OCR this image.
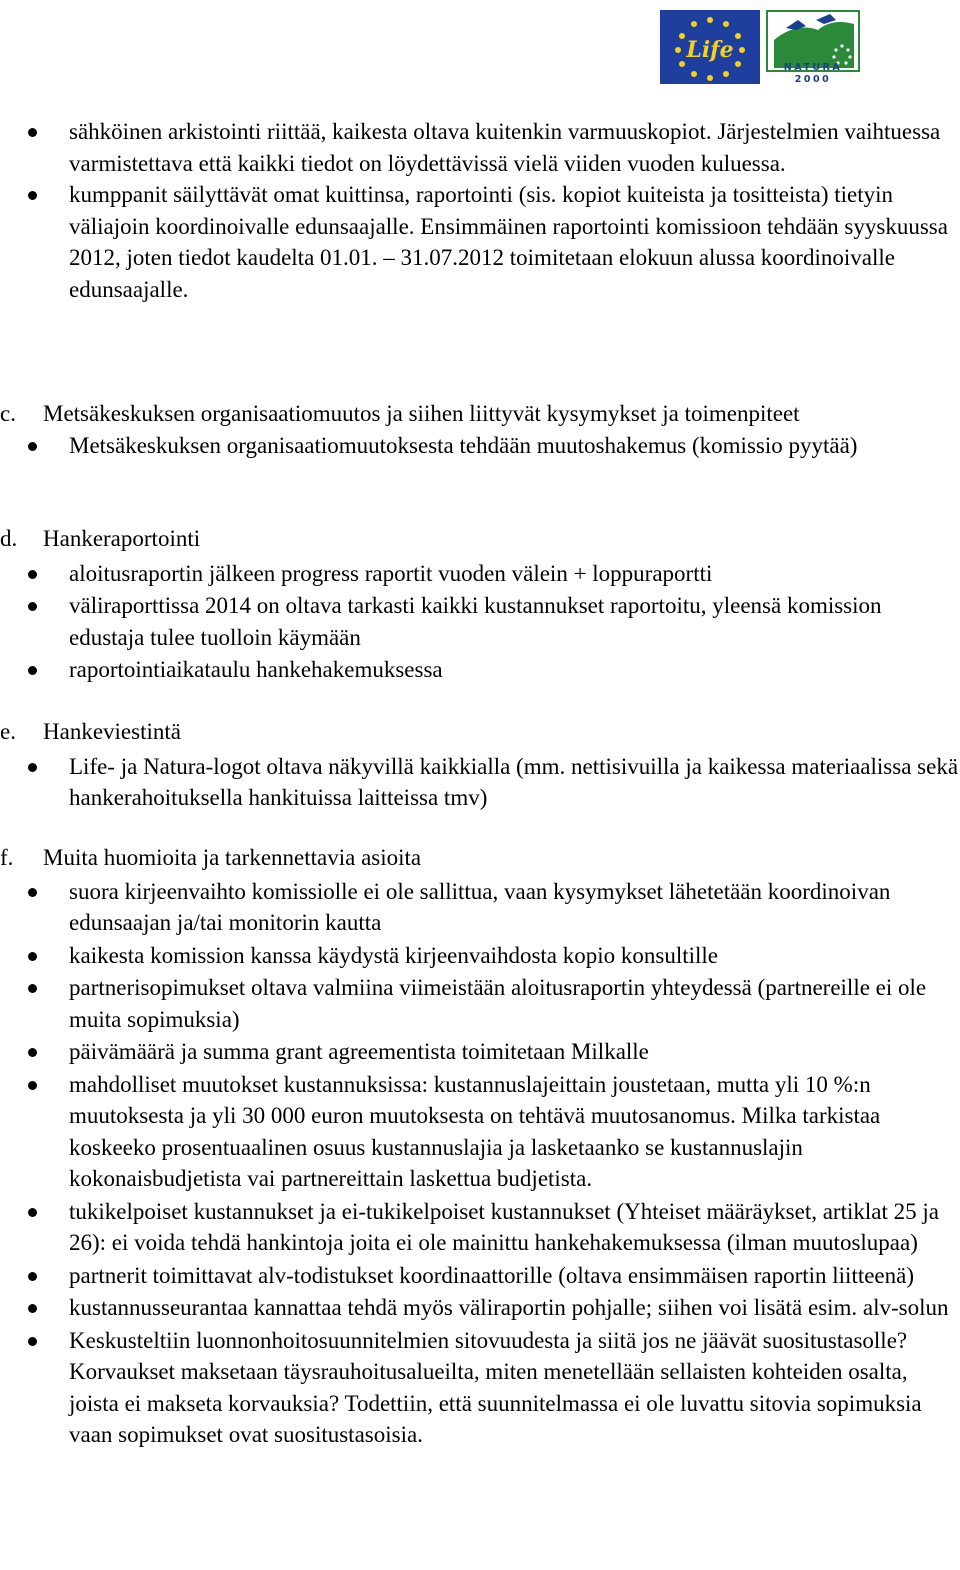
Life
NATURA 2000
sähköinen arkistointi riittää, kaikesta oltava kuitenkin varmuuskopiot. Järjestelmien vaihtuessa varmistettava että kaikki tiedot on löydettävissä vielä viiden vuoden kuluessa.
kumppanit säilyttävät omat kuittinsa, raportointi (sis. kopiot kuiteista ja tositteista) tietyin väliajoin koordinoivalle edunsaajalle. Ensimmäinen raportointi komissioon tehdään syyskuussa 2012, joten tiedot kaudelta 01.01. – 31.07.2012 toimitetaan elokuun alussa koordinoivalle edunsaajalle.
c.	Metsäkeskuksen organisaatiomuutos ja siihen liittyvät kysymykset ja toimenpiteet
Metsäkeskuksen organisaatiomuutoksesta tehdään muutoshakemus (komissio pyytää)
d.	Hankeraportointi
aloitusraportin jälkeen progress raportit vuoden välein + loppuraportti
väliraporttissa 2014 on oltava tarkasti kaikki kustannukset raportoitu, yleensä komission edustaja tulee tuolloin käymään
raportointiaikataulu hankehakemuksessa
e.	Hankeviestintä
Life- ja Natura-logot oltava näkyvillä kaikkialla (mm. nettisivuilla ja kaikessa materiaalissa sekä hankerahoituksella hankituissa laitteissa tmv)
f.	Muita huomioita ja tarkennettavia asioita
suora kirjeenvaihto komissiolle ei ole sallittua, vaan kysymykset lähetetään koordinoivan edunsaajan ja/tai monitorin kautta
kaikesta komission kanssa käydystä kirjeenvaihdosta kopio konsultille
partnerisopimukset oltava valmiina viimeistään aloitusraportin yhteydessä (partnereille ei ole muita sopimuksia)
päivämäärä ja summa grant agreementista toimitetaan Milkalle
mahdolliset muutokset kustannuksissa: kustannuslajeittain joustetaan, mutta yli 10 %:n muutoksesta ja yli 30 000 euron muutoksesta on tehtävä muutosanomus. Milka tarkistaa koskeeko prosentuaalinen osuus kustannuslajia ja lasketaanko se kustannuslajin kokonaisbudjetista vai partnereittain laskettua budjetista.
tukikelpoiset kustannukset ja ei-tukikelpoiset kustannukset (Yhteiset määräykset, artiklat 25 ja 26): ei voida tehdä hankintoja joita ei ole mainittu hankehakemuksessa (ilman muutoslupaa)
partnerit toimittavat alv-todistukset koordinaattorille (oltava ensimmäisen raportin liitteenä)
kustannusseurantaa kannattaa tehdä myös väliraportin pohjalle; siihen voi lisätä esim. alv-solun
Keskusteltiin luonnonhoitosuunnitelmien sitovuudesta ja siitä jos ne jäävät suositustasolle? Korvaukset maksetaan täysrauhoitusalueilta, miten menetellään sellaisten kohteiden osalta, joista ei makseta korvauksia? Todettiin, että suunnitelmassa ei ole luvattu sitovia sopimuksia vaan sopimukset ovat suositustasoisia.
